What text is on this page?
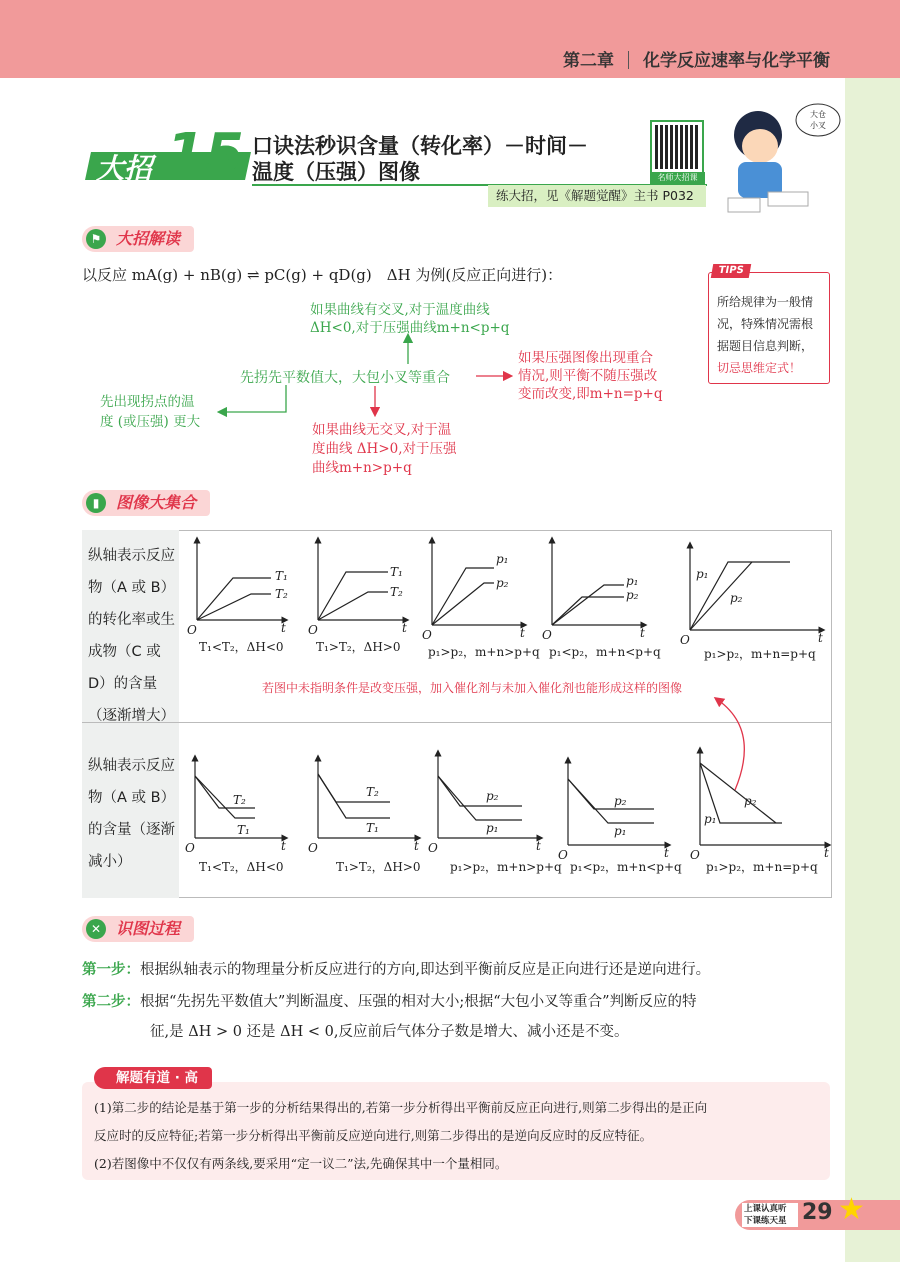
第二章 化学反应速率与化学平衡
大招 15 口诀法秒识含量（转化率）－时间－
温度（压强）图像	名师大招课
练大招，见《解题觉醒》主书 P032
大仓
小叉
⚑ 大招解读
以反应 mA(g) + nB(g) ⇌ pC(g) + qD(g)　ΔH 为例(反应正向进行)：
如果曲线有交叉,对于温度曲线
ΔH<0,对于压强曲线m+n<p+q
先拐先平数值大，大包小叉等重合
先出现拐点的温
度 (或压强) 更大
如果压强图像出现重合
情况,则平衡不随压强改
变而改变,即m+n=p+q
如果曲线无交叉,对于温
度曲线 ΔH>0,对于压强
曲线m+n>p+q
所给规律为一般情
况，特殊情况需根
据题目信息判断，
切忌思维定式！
TIPS
▮	图像大集合
纵轴表示反应
物（A 或 B）
的转化率或生
成物（C 或
D）的含量
（逐渐增大）
纵轴表示反应
物（A 或 B）
的含量（逐渐
减小）
O	t
T₁
T₂
O	t
T₁
T₂
O	t
p₁
p₂
O	t
p₁
p₂
O	t
p₁
p₂
O	t
T₂
T₁
O	t
T₂
T₁
O	t
p₂
p₁
O	t
p₂
p₁
O	t
p₁
p₂
若图中未指明条件是改变压强，加入催化剂与未加入催化剂也能形成这样的图像
T₁<T₂，ΔH<0	T₁>T₂，ΔH>0 p₁>p₂，m+n>p+q p₁<p₂，m+n<p+q	p₁>p₂，m+n=p+q
T₁<T₂，ΔH<0	T₁>T₂，ΔH>0 p₁>p₂，m+n>p+q p₁<p₂，m+n<p+q p₁>p₂，m+n=p+q
✕ 识图过程
第一步：根据纵轴表示的物理量分析反应进行的方向,即达到平衡前反应是正向进行还是逆向进行。
第二步：根据“先拐先平数值大”判断温度、压强的相对大小;根据“大包小叉等重合”判断反应的特
征,是 ΔH > 0 还是 ΔH < 0,反应前后气体分子数是增大、减小还是不变。
解题有道 · 高
(1)第二步的结论是基于第一步的分析结果得出的,若第一步分析得出平衡前反应正向进行,则第二步得出的是正向
反应时的反应特征;若第一步分析得出平衡前反应逆向进行,则第二步得出的是逆向反应时的反应特征。
(2)若图像中不仅仅有两条线,要采用“定一议二”法,先确保其中一个量相同。
上课认真听
下课练天星 29 ★
